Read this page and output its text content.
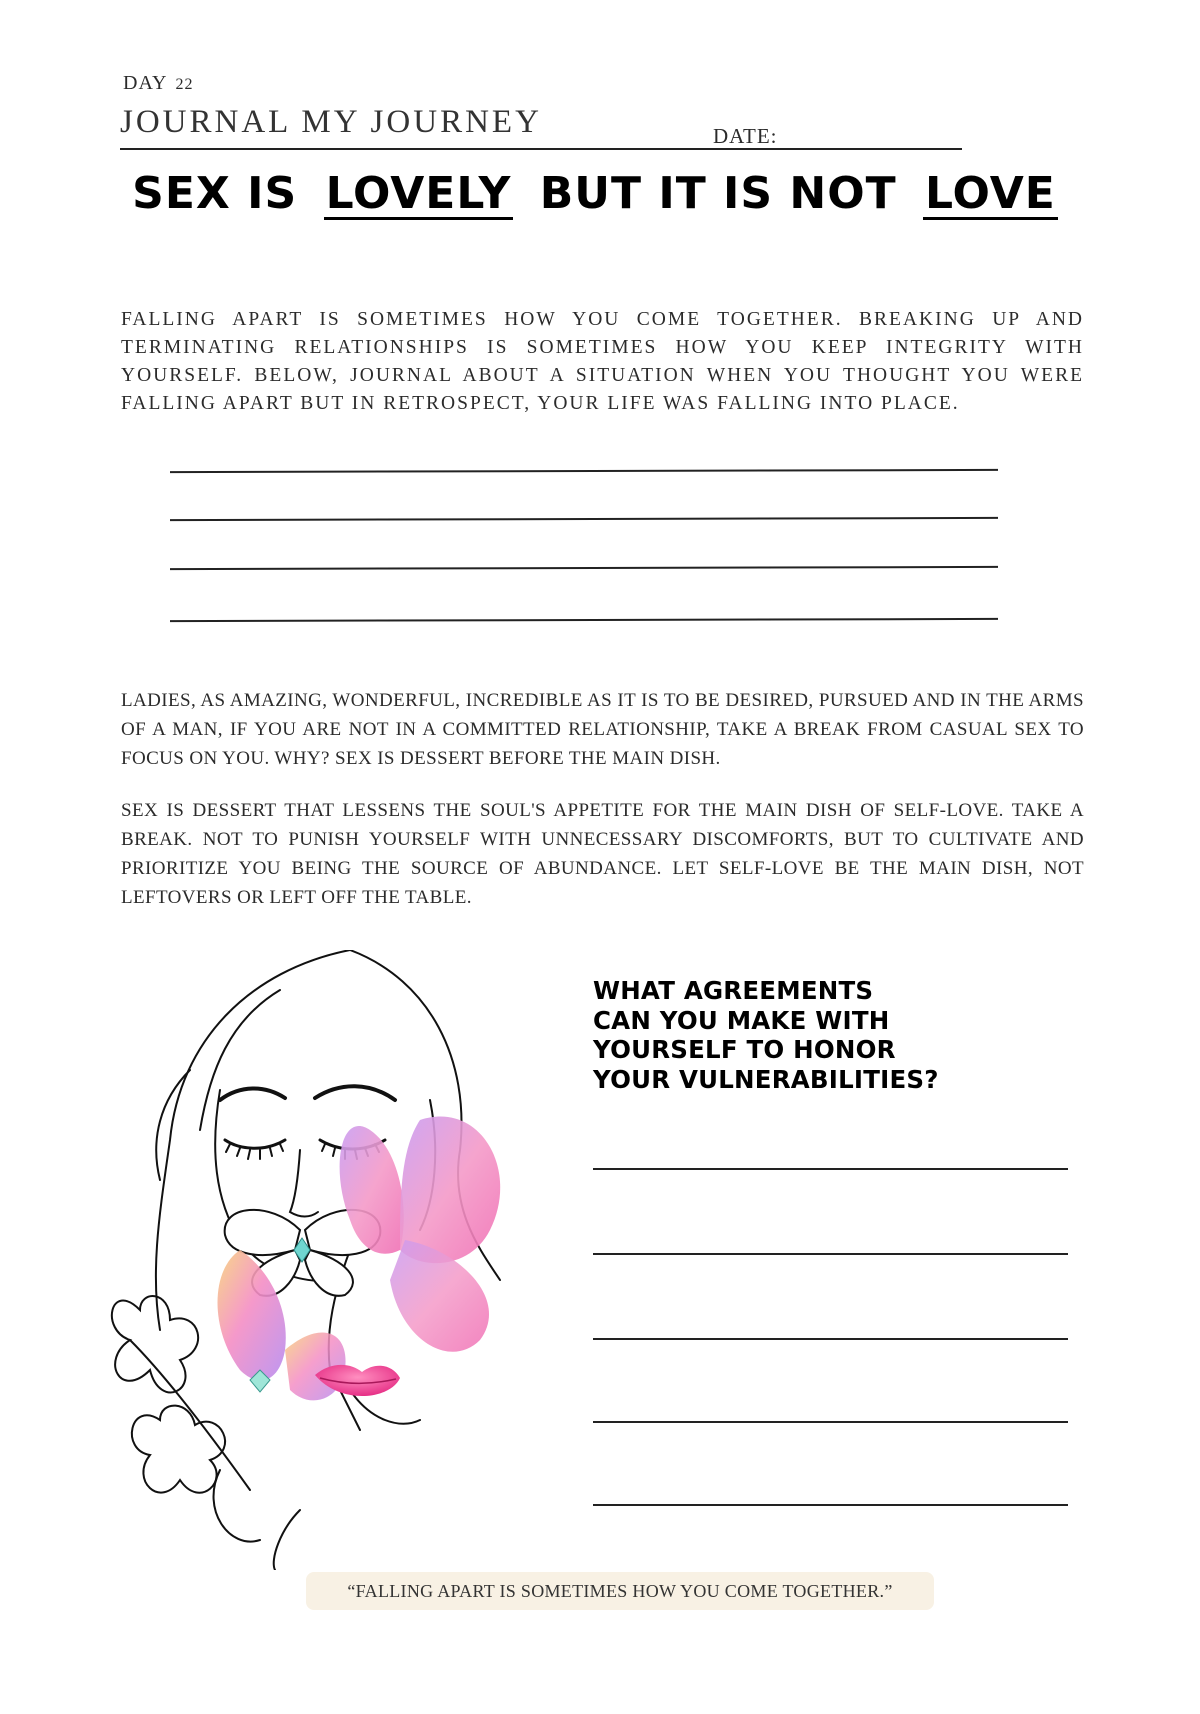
DAY 22
JOURNAL MY JOURNEY	DATE:
SEX IS LOVELY BUT IT IS NOT LOVE
FALLING APART IS SOMETIMES HOW YOU COME TOGETHER. BREAKING UP AND TERMINATING RELATIONSHIPS IS SOMETIMES HOW YOU KEEP INTEGRITY WITH YOURSELF. BELOW, JOURNAL ABOUT A SITUATION WHEN YOU THOUGHT YOU WERE FALLING APART BUT IN RETROSPECT, YOUR LIFE WAS FALLING INTO PLACE.
LADIES, AS AMAZING, WONDERFUL, INCREDIBLE AS IT IS TO BE DESIRED, PURSUED AND IN THE ARMS OF A MAN, IF YOU ARE NOT IN A COMMITTED RELATIONSHIP, TAKE A BREAK FROM CASUAL SEX TO FOCUS ON YOU. WHY? SEX IS DESSERT BEFORE THE MAIN DISH.
SEX IS DESSERT THAT LESSENS THE SOUL'S APPETITE FOR THE MAIN DISH OF SELF-LOVE. TAKE A BREAK. NOT TO PUNISH YOURSELF WITH UNNECESSARY DISCOMFORTS, BUT TO CULTIVATE AND PRIORITIZE YOU BEING THE SOURCE OF ABUNDANCE. LET SELF-LOVE BE THE MAIN DISH, NOT LEFTOVERS OR LEFT OFF THE TABLE.
WHAT AGREEMENTS
CAN YOU MAKE WITH
YOURSELF TO HONOR
YOUR VULNERABILITIES?
“FALLING APART IS SOMETIMES HOW YOU COME TOGETHER.”
